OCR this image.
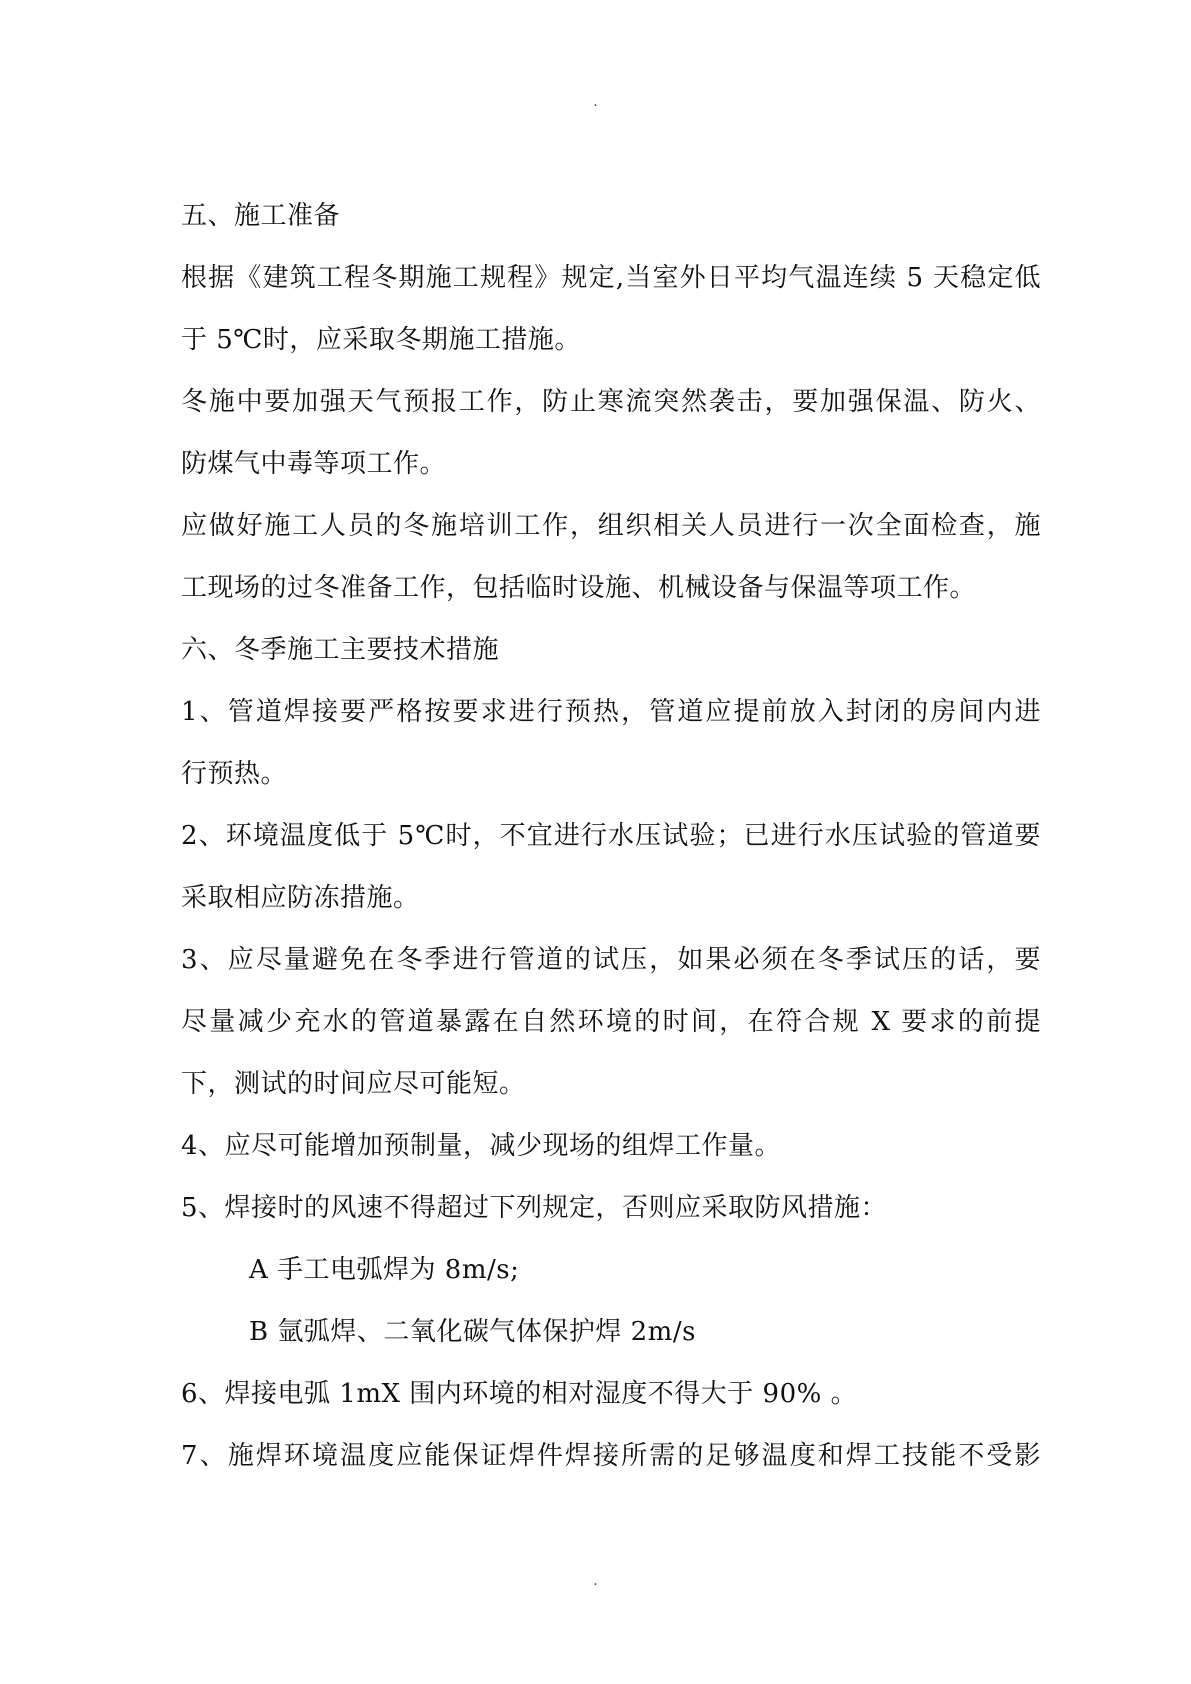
.
五、施工准备
根据《建筑工程冬期施工规程》规定,当室外日平均气温连续 5 天稳定低
于 5℃时，应采取冬期施工措施。
冬施中要加强天气预报工作，防止寒流突然袭击，要加强保温、防火、
防煤气中毒等项工作。
应做好施工人员的冬施培训工作，组织相关人员进行一次全面检查，施
工现场的过冬准备工作，包括临时设施、机械设备与保温等项工作。
六、冬季施工主要技术措施
1、管道焊接要严格按要求进行预热，管道应提前放入封闭的房间内进
行预热。
2、环境温度低于 5℃时，不宜进行水压试验；已进行水压试验的管道要
采取相应防冻措施。
3、应尽量避免在冬季进行管道的试压，如果必须在冬季试压的话，要
尽量减少充水的管道暴露在自然环境的时间，在符合规 X 要求的前提
下，测试的时间应尽可能短。
4、应尽可能增加预制量，减少现场的组焊工作量。
5、焊接时的风速不得超过下列规定，否则应采取防风措施：
A 手工电弧焊为 8m/s;
B 氩弧焊、二氧化碳气体保护焊 2m/s
6、焊接电弧 1mX 围内环境的相对湿度不得大于 90% 。
7、施焊环境温度应能保证焊件焊接所需的足够温度和焊工技能不受影
.
